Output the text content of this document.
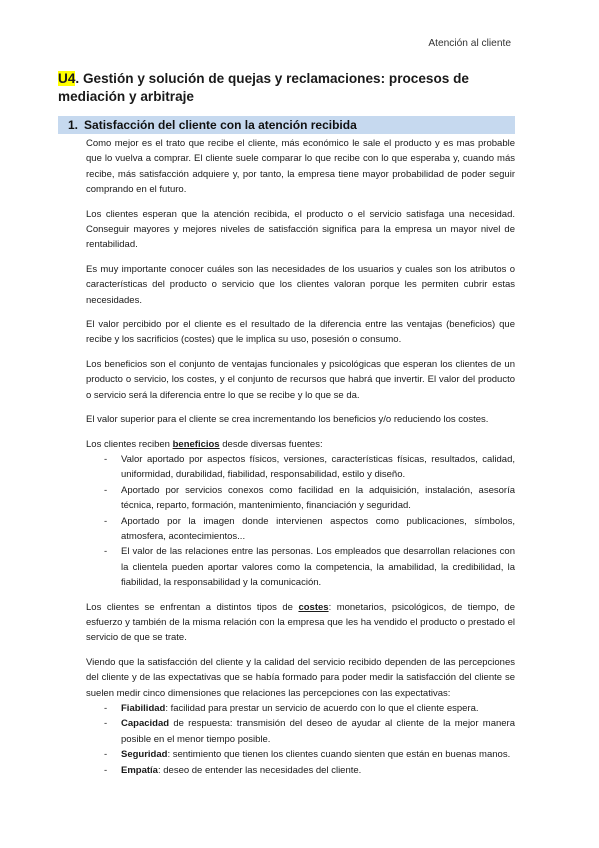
Atención al cliente
U4. Gestión y solución de quejas y reclamaciones: procesos de mediación y arbitraje
1. Satisfacción del cliente con la atención recibida

Como mejor es el trato que recibe el cliente, más económico le sale el producto y es mas probable que lo vuelva a comprar. El cliente suele comparar lo que recibe con lo que esperaba y, cuando más recibe, más satisfacción adquiere y, por tanto, la empresa tiene mayor probabilidad de poder seguir comprando en el futuro.

Los clientes esperan que la atención recibida, el producto o el servicio satisfaga una necesidad. Conseguir mayores y mejores niveles de satisfacción significa para la empresa un mayor nivel de rentabilidad.

Es muy importante conocer cuáles son las necesidades de los usuarios y cuales son los atributos o características del producto o servicio que los clientes valoran porque les permiten cubrir estas necesidades.

El valor percibido por el cliente es el resultado de la diferencia entre las ventajas (beneficios) que recibe y los sacrificios (costes) que le implica su uso, posesión o consumo.

Los beneficios son el conjunto de ventajas funcionales y psicológicas que esperan los clientes de un producto o servicio, los costes, y el conjunto de recursos que habrá que invertir. El valor del producto o servicio será la diferencia entre lo que se recibe y lo que se da.

El valor superior para el cliente se crea incrementando los beneficios y/o reduciendo los costes.

Los clientes reciben beneficios desde diversas fuentes:

- Valor aportado por aspectos físicos, versiones, características físicas, resultados, calidad, uniformidad, durabilidad, fiabilidad, responsabilidad, estilo y diseño.
- Aportado por servicios conexos como facilidad en la adquisición, instalación, asesoría técnica, reparto, formación, mantenimiento, financiación y seguridad.
- Aportado por la imagen donde intervienen aspectos como publicaciones, símbolos, atmosfera, acontecimientos...
- El valor de las relaciones entre las personas. Los empleados que desarrollan relaciones con la clientela pueden aportar valores como la competencia, la amabilidad, la credibilidad, la fiabilidad, la responsabilidad y la comunicación.

Los clientes se enfrentan a distintos tipos de costes: monetarios, psicológicos, de tiempo, de esfuerzo y también de la misma relación con la empresa que les ha vendido el producto o prestado el servicio de que se trate.

Viendo que la satisfacción del cliente y la calidad del servicio recibido dependen de las percepciones del cliente y de las expectativas que se había formado para poder medir la satisfacción del cliente se suelen medir cinco dimensiones que relaciones las percepciones con las expectativas:

- Fiabilidad: facilidad para prestar un servicio de acuerdo con lo que el cliente espera.
- Capacidad de respuesta: transmisión del deseo de ayudar al cliente de la mejor manera posible en el menor tiempo posible.
- Seguridad: sentimiento que tienen los clientes cuando sienten que están en buenas manos.
- Empatía: deseo de entender las necesidades del cliente.
